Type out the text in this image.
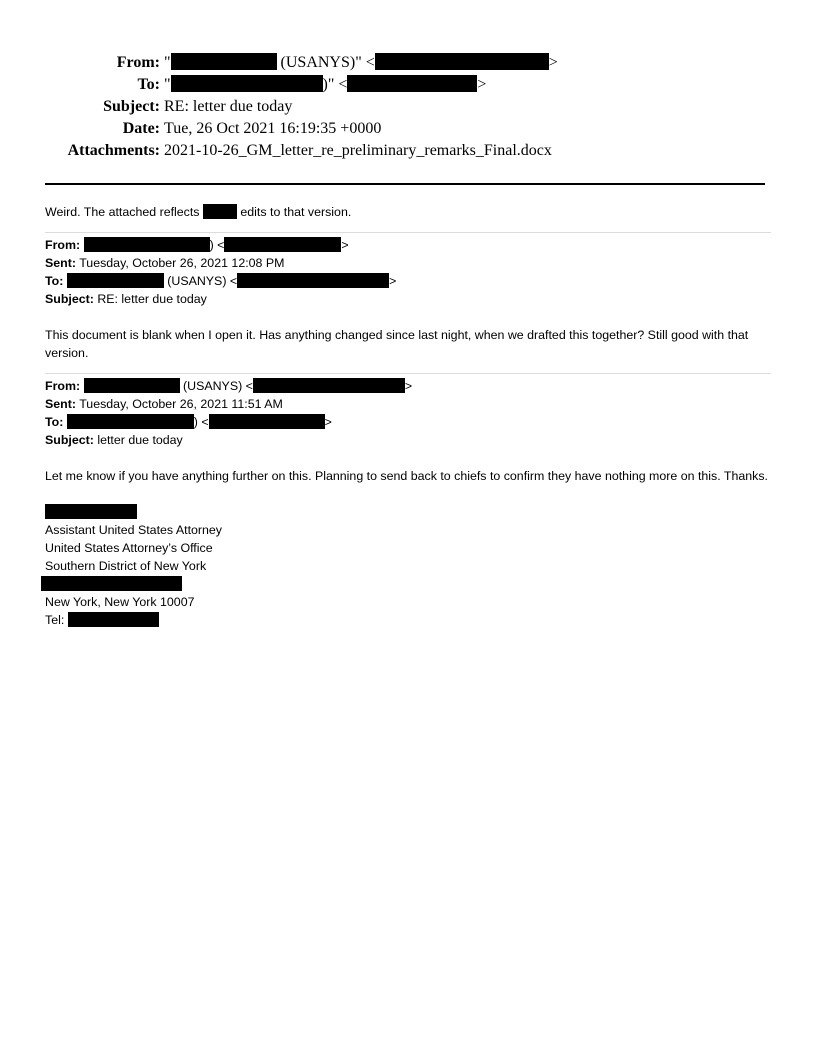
From: "	(USANYS)" <	>
To: "	)" <	>
Subject: RE: letter due today
Date: Tue, 26 Oct 2021 16:19:35 +0000
Attachments: 2021-10-26_GM_letter_re_preliminary_remarks_Final.docx

Weird. The attached reflects	edits to that version.

From:	) <	>
Sent: Tuesday, October 26, 2021 12:08 PM
To:	(USANYS) <	>
Subject: RE: letter due today

This document is blank when I open it. Has anything changed since last night, when we drafted this together? Still good with that version.

From:	(USANYS) <	>
Sent: Tuesday, October 26, 2021 11:51 AM
To:	) <	>
Subject: letter due today

Let me know if you have anything further on this. Planning to send back to chiefs to confirm they have nothing more on this. Thanks.

Assistant United States Attorney
United States Attorney’s Office
Southern District of New York
New York, New York 10007
Tel:
